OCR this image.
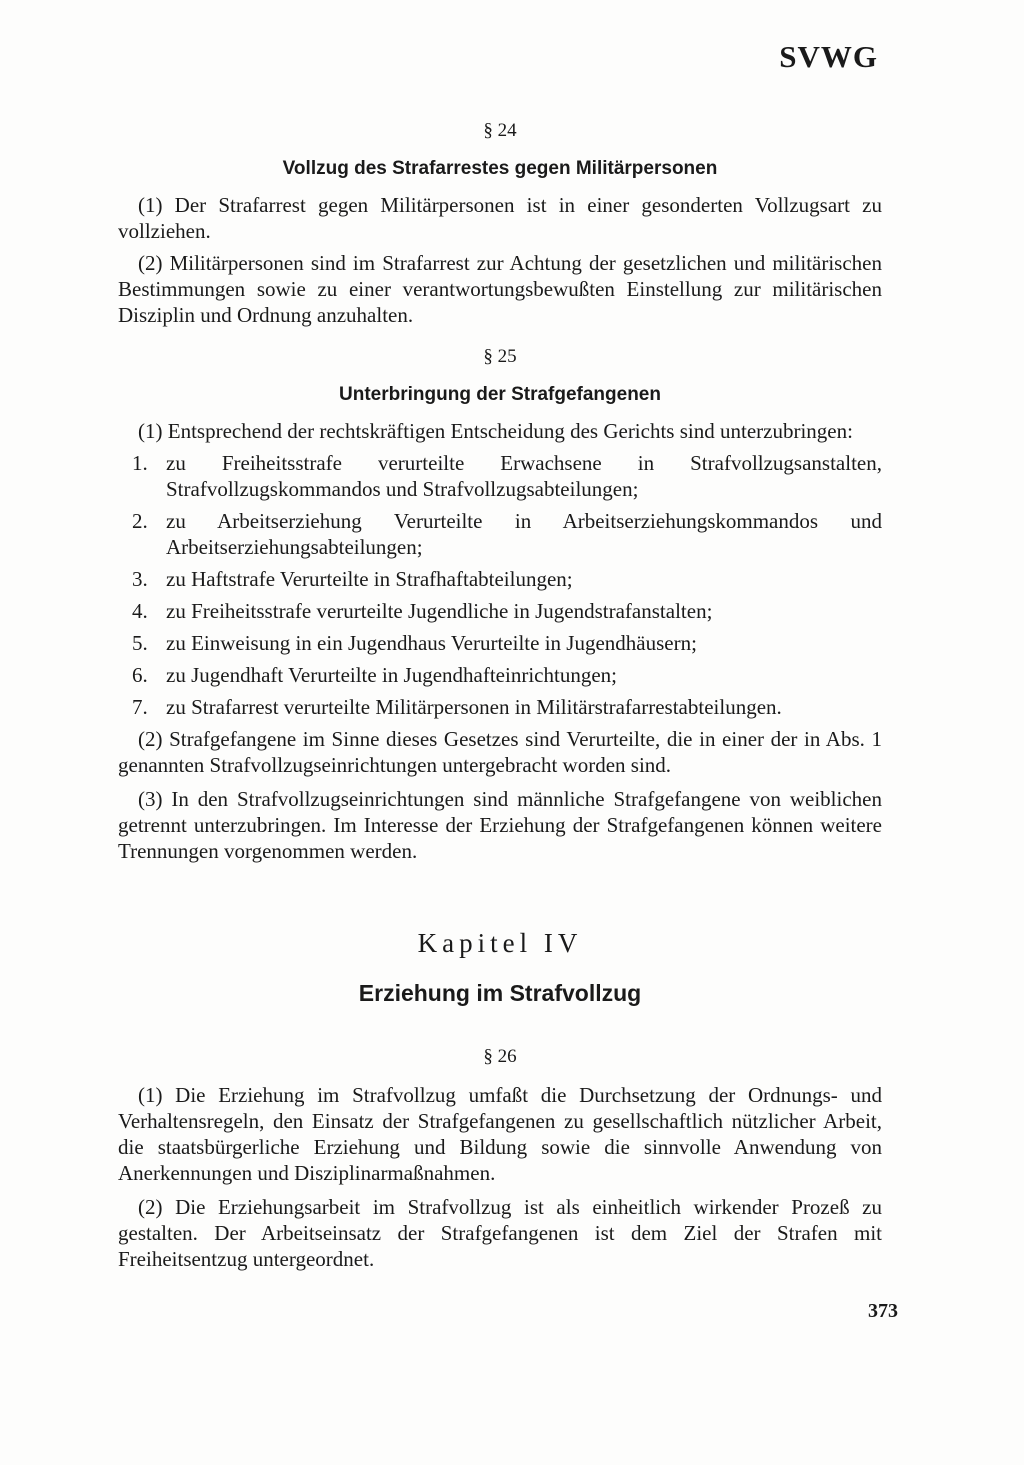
SVWG

§ 24

Vollzug des Strafarrestes gegen Militärpersonen

(1) Der Strafarrest gegen Militärpersonen ist in einer gesonderten Vollzugsart zu vollziehen.

(2) Militärpersonen sind im Strafarrest zur Achtung der gesetzlichen und militärischen Bestimmungen sowie zu einer verantwortungsbewußten Einstellung zur militärischen Disziplin und Ordnung anzuhalten.

§ 25

Unterbringung der Strafgefangenen

(1) Entsprechend der rechtskräftigen Entscheidung des Gerichts sind unterzubringen:

1. zu Freiheitsstrafe verurteilte Erwachsene in Strafvollzugsanstalten, Strafvollzugskommandos und Strafvollzugsabteilungen;
2. zu Arbeitserziehung Verurteilte in Arbeitserziehungskommandos und Arbeitserziehungsabteilungen;
3. zu Haftstrafe Verurteilte in Strafhaftabteilungen;
4. zu Freiheitsstrafe verurteilte Jugendliche in Jugendstrafanstalten;
5. zu Einweisung in ein Jugendhaus Verurteilte in Jugendhäusern;
6. zu Jugendhaft Verurteilte in Jugendhafteinrichtungen;
7. zu Strafarrest verurteilte Militärpersonen in Militärstrafarrestabteilungen.

(2) Strafgefangene im Sinne dieses Gesetzes sind Verurteilte, die in einer der in Abs. 1 genannten Strafvollzugseinrichtungen untergebracht worden sind.

(3) In den Strafvollzugseinrichtungen sind männliche Strafgefangene von weiblichen getrennt unterzubringen. Im Interesse der Erziehung der Strafgefangenen können weitere Trennungen vorgenommen werden.

Kapitel IV

Erziehung im Strafvollzug

§ 26

(1) Die Erziehung im Strafvollzug umfaßt die Durchsetzung der Ordnungs- und Verhaltensregeln, den Einsatz der Strafgefangenen zu gesellschaftlich nützlicher Arbeit, die staatsbürgerliche Erziehung und Bildung sowie die sinnvolle Anwendung von Anerkennungen und Disziplinarmaßnahmen.

(2) Die Erziehungsarbeit im Strafvollzug ist als einheitlich wirkender Prozeß zu gestalten. Der Arbeitseinsatz der Strafgefangenen ist dem Ziel der Strafen mit Freiheitsentzug untergeordnet.

373
